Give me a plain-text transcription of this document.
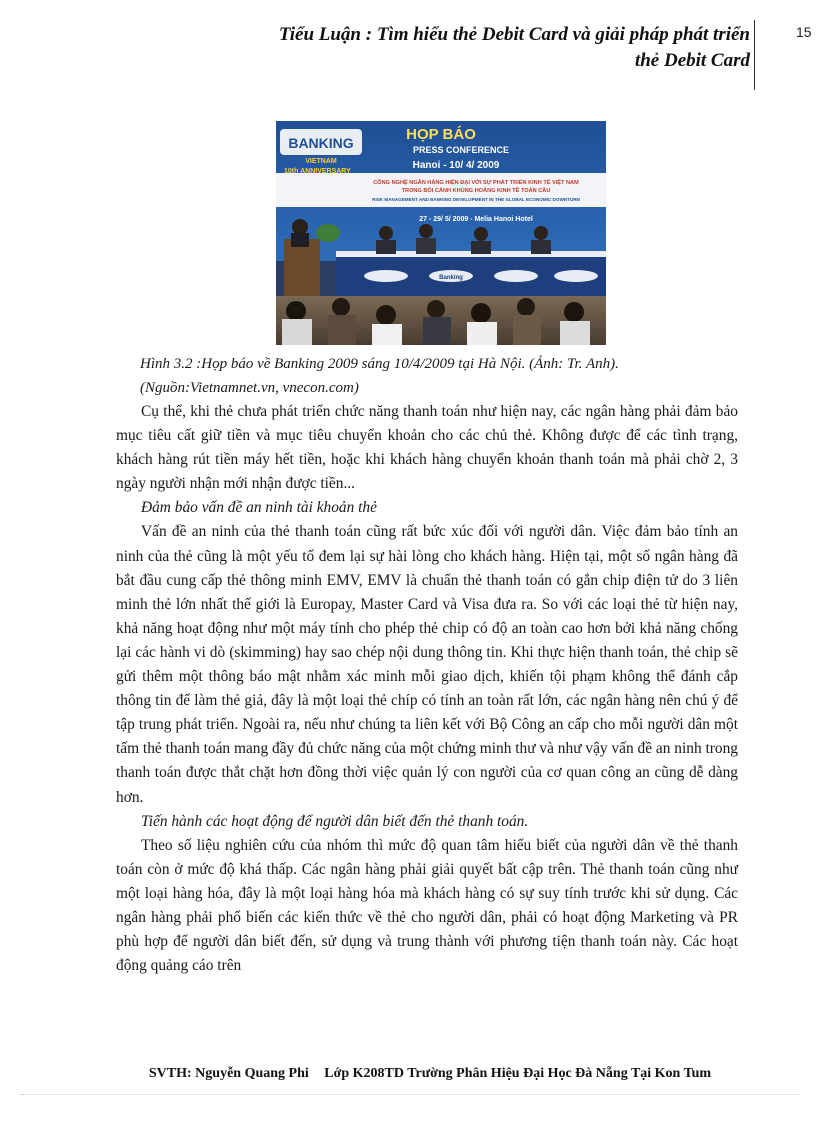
Tiểu Luận : Tìm hiểu thẻ Debit Card và giải pháp phát triển
thẻ Debit Card
15
BANKING
VIETNAM
HỌP BÁO
PRESS CONFERENCE
Hanoi - 10/ 4/ 2009
10th ANNIVERSARY
CÔNG NGHỆ NGÂN HÀNG HIỆN ĐẠI VỚI SỰ PHÁT TRIỂN KINH TẾ VIỆT NAM
TRONG BỐI CẢNH KHỦNG HOẢNG KINH TẾ TOÀN CẦU
RISK MANAGEMENT AND BANKING DEVELOPMENT IN THE GLOBAL ECONOMIC DOWNTURN
27 - 29/ 5/ 2009 - Melia Hanoi Hotel
Banking
Hình 3.2 :Họp báo về Banking 2009 sáng 10/4/2009 tại Hà Nội. (Ảnh: Tr. Anh).
(Nguồn:Vietnamnet.vn, vnecon.com)

Cụ thể, khi thẻ chưa phát triển chức năng thanh toán như hiện nay, các ngân hàng phải đảm bảo mục tiêu cất giữ tiền và mục tiêu chuyển khoản cho các chủ thẻ. Không được để các tình trạng, khách hàng rút tiền máy hết tiền, hoặc khi khách hàng chuyển khoản thanh toán mà phải chờ 2, 3 ngày người nhận mới nhận được tiền...

Đảm bảo vấn đề an ninh tài khoản thẻ

Vấn đề an ninh của thẻ thanh toán cũng rất bức xúc đối với người dân. Việc đảm bảo tính an ninh của thẻ cũng là một yếu tố đem lại sự hài lòng cho khách hàng. Hiện tại, một số ngân hàng đã bắt đầu cung cấp thẻ thông minh EMV, EMV là chuẩn thẻ thanh toán có gắn chip điện tử do 3 liên minh thẻ lớn nhất thế giới là Europay, Master Card và Visa đưa ra. So với các loại thẻ từ hiện nay, khả năng hoạt động như một máy tính cho phép thẻ chip có độ an toàn cao hơn bởi khả năng chống lại các hành vi dò (skimming) hay sao chép nội dung thông tin. Khi thực hiện thanh toán, thẻ chip sẽ gửi thêm một thông báo mật nhằm xác minh mỗi giao dịch, khiến tội phạm không thể đánh cắp thông tin để làm thẻ giả, đây là một loại thẻ chíp có tính an toàn rất lớn, các ngân hàng nên chú ý để tập trung phát triển. Ngoài ra, nếu như chúng ta liên kết với Bộ Công an cấp cho mỗi người dân một tấm thẻ thanh toán mang đầy đủ chức năng của một chứng minh thư và như vậy vấn đề an ninh trong thanh toán được thắt chặt hơn đồng thời việc quản lý con người của cơ quan công an cũng dễ dàng hơn.

Tiến hành các hoạt động để người dân biết đến thẻ thanh toán.

Theo số liệu nghiên cứu của nhóm thì mức độ quan tâm hiểu biết của người dân về thẻ thanh toán còn ở mức độ khá thấp. Các ngân hàng phải giải quyết bất cập trên. Thẻ thanh toán cũng như một loại hàng hóa, đây là một loại hàng hóa mà khách hàng có sự suy tính trước khi sử dụng. Các ngân hàng phải phổ biến các kiến thức về thẻ cho người dân, phải có hoạt động Marketing và PR phù hợp để người dân biết đến, sử dụng và trung thành với phương tiện thanh toán này. Các hoạt động quảng cáo trên

SVTH: Nguyễn Quang Phi Lớp K208TD Trường Phân Hiệu Đại Học Đà Nẵng Tại Kon Tum
